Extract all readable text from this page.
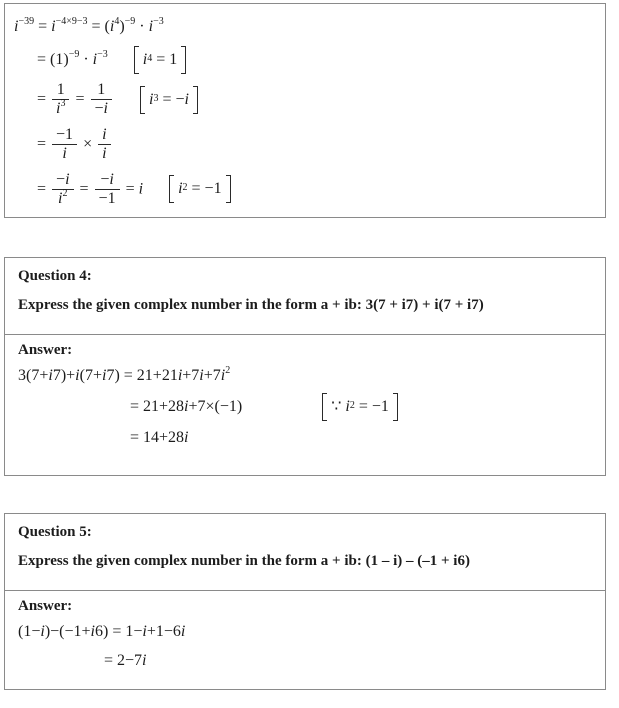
$i^{-39} = i^{-4\times 9-3} = (i^4)^{-9} \cdot i^{-3}$
= $(1)^{-9} \cdot i^{-3}$ $i^4 = 1$
= $\frac{1}{i^3} = \frac{1}{-i} i^3$ = − i
= $\frac{-1}{i} \times \frac{i}{i}$
= $\frac{-i}{i^2} = \frac{-i}{-1} = i$ $i^2 = -1$
Question 4:
Express the given complex number in the form a + ib: 3(7 + i7) + i(7 + i7)
Answer:
$3(7+i7)+i(7+i7) = 21+21i+7i+7i^2$
= 21+28i+7×(−1)	∵ $i^2 = -1$
= 14+28i
Question 5:
Express the given complex number in the form a + ib: (1 – i) – (–1 + i6)
Answer:
(1−i)−(−1+i6) = 1−i+1−6i
= 2−7i
